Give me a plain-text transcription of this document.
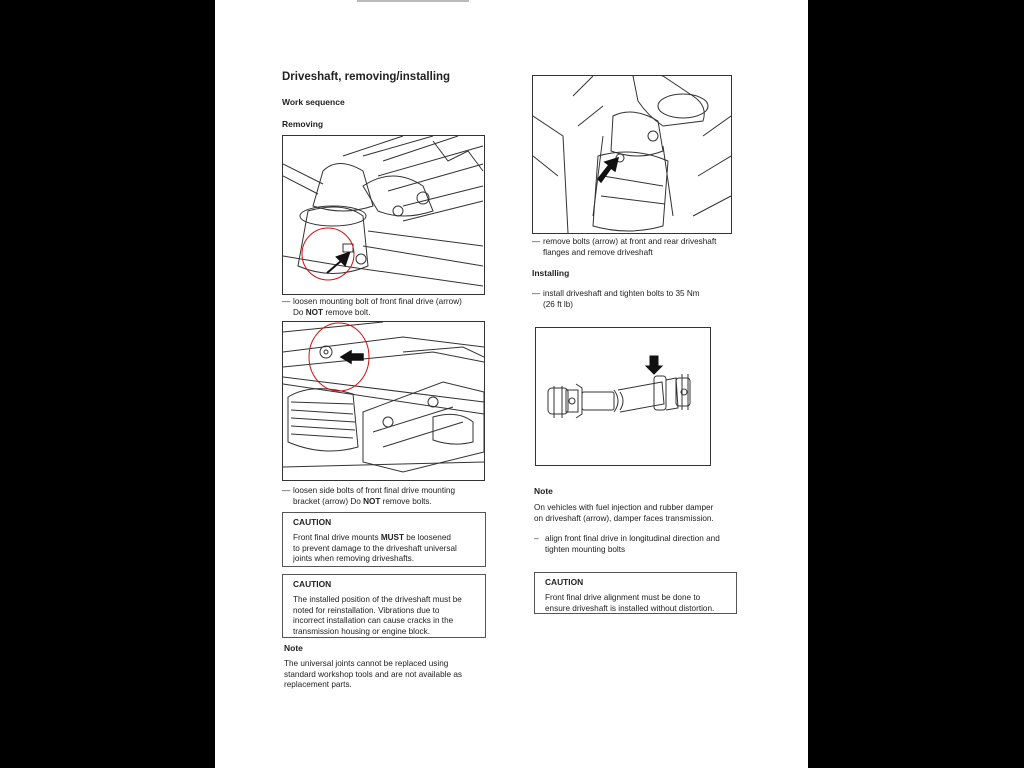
Driveshaft, removing/installing
Work sequence
Removing
— loosen mounting bolt of front final drive (arrow)
Do NOT remove bolt.
— loosen side bolts of front final drive mounting
bracket (arrow) Do NOT remove bolts.
CAUTION
Front final drive mounts MUST be loosened
to prevent damage to the driveshaft universal
joints when removing driveshafts.
CAUTION
The installed position of the driveshaft must be
noted for reinstallation. Vibrations due to
incorrect installation can cause cracks in the
transmission housing or engine block.
Note
The universal joints cannot be replaced using
standard workshop tools and are not available as
replacement parts.
— remove bolts (arrow) at front and rear driveshaft
flanges and remove driveshaft
Installing
— install driveshaft and tighten bolts to 35 Nm
(26 ft lb)
Note
On vehicles with fuel injection and rubber damper
on driveshaft (arrow), damper faces transmission.
– align front final drive in longitudinal direction and
tighten mounting bolts
CAUTION
Front final drive alignment must be done to
ensure driveshaft is installed without distortion.
